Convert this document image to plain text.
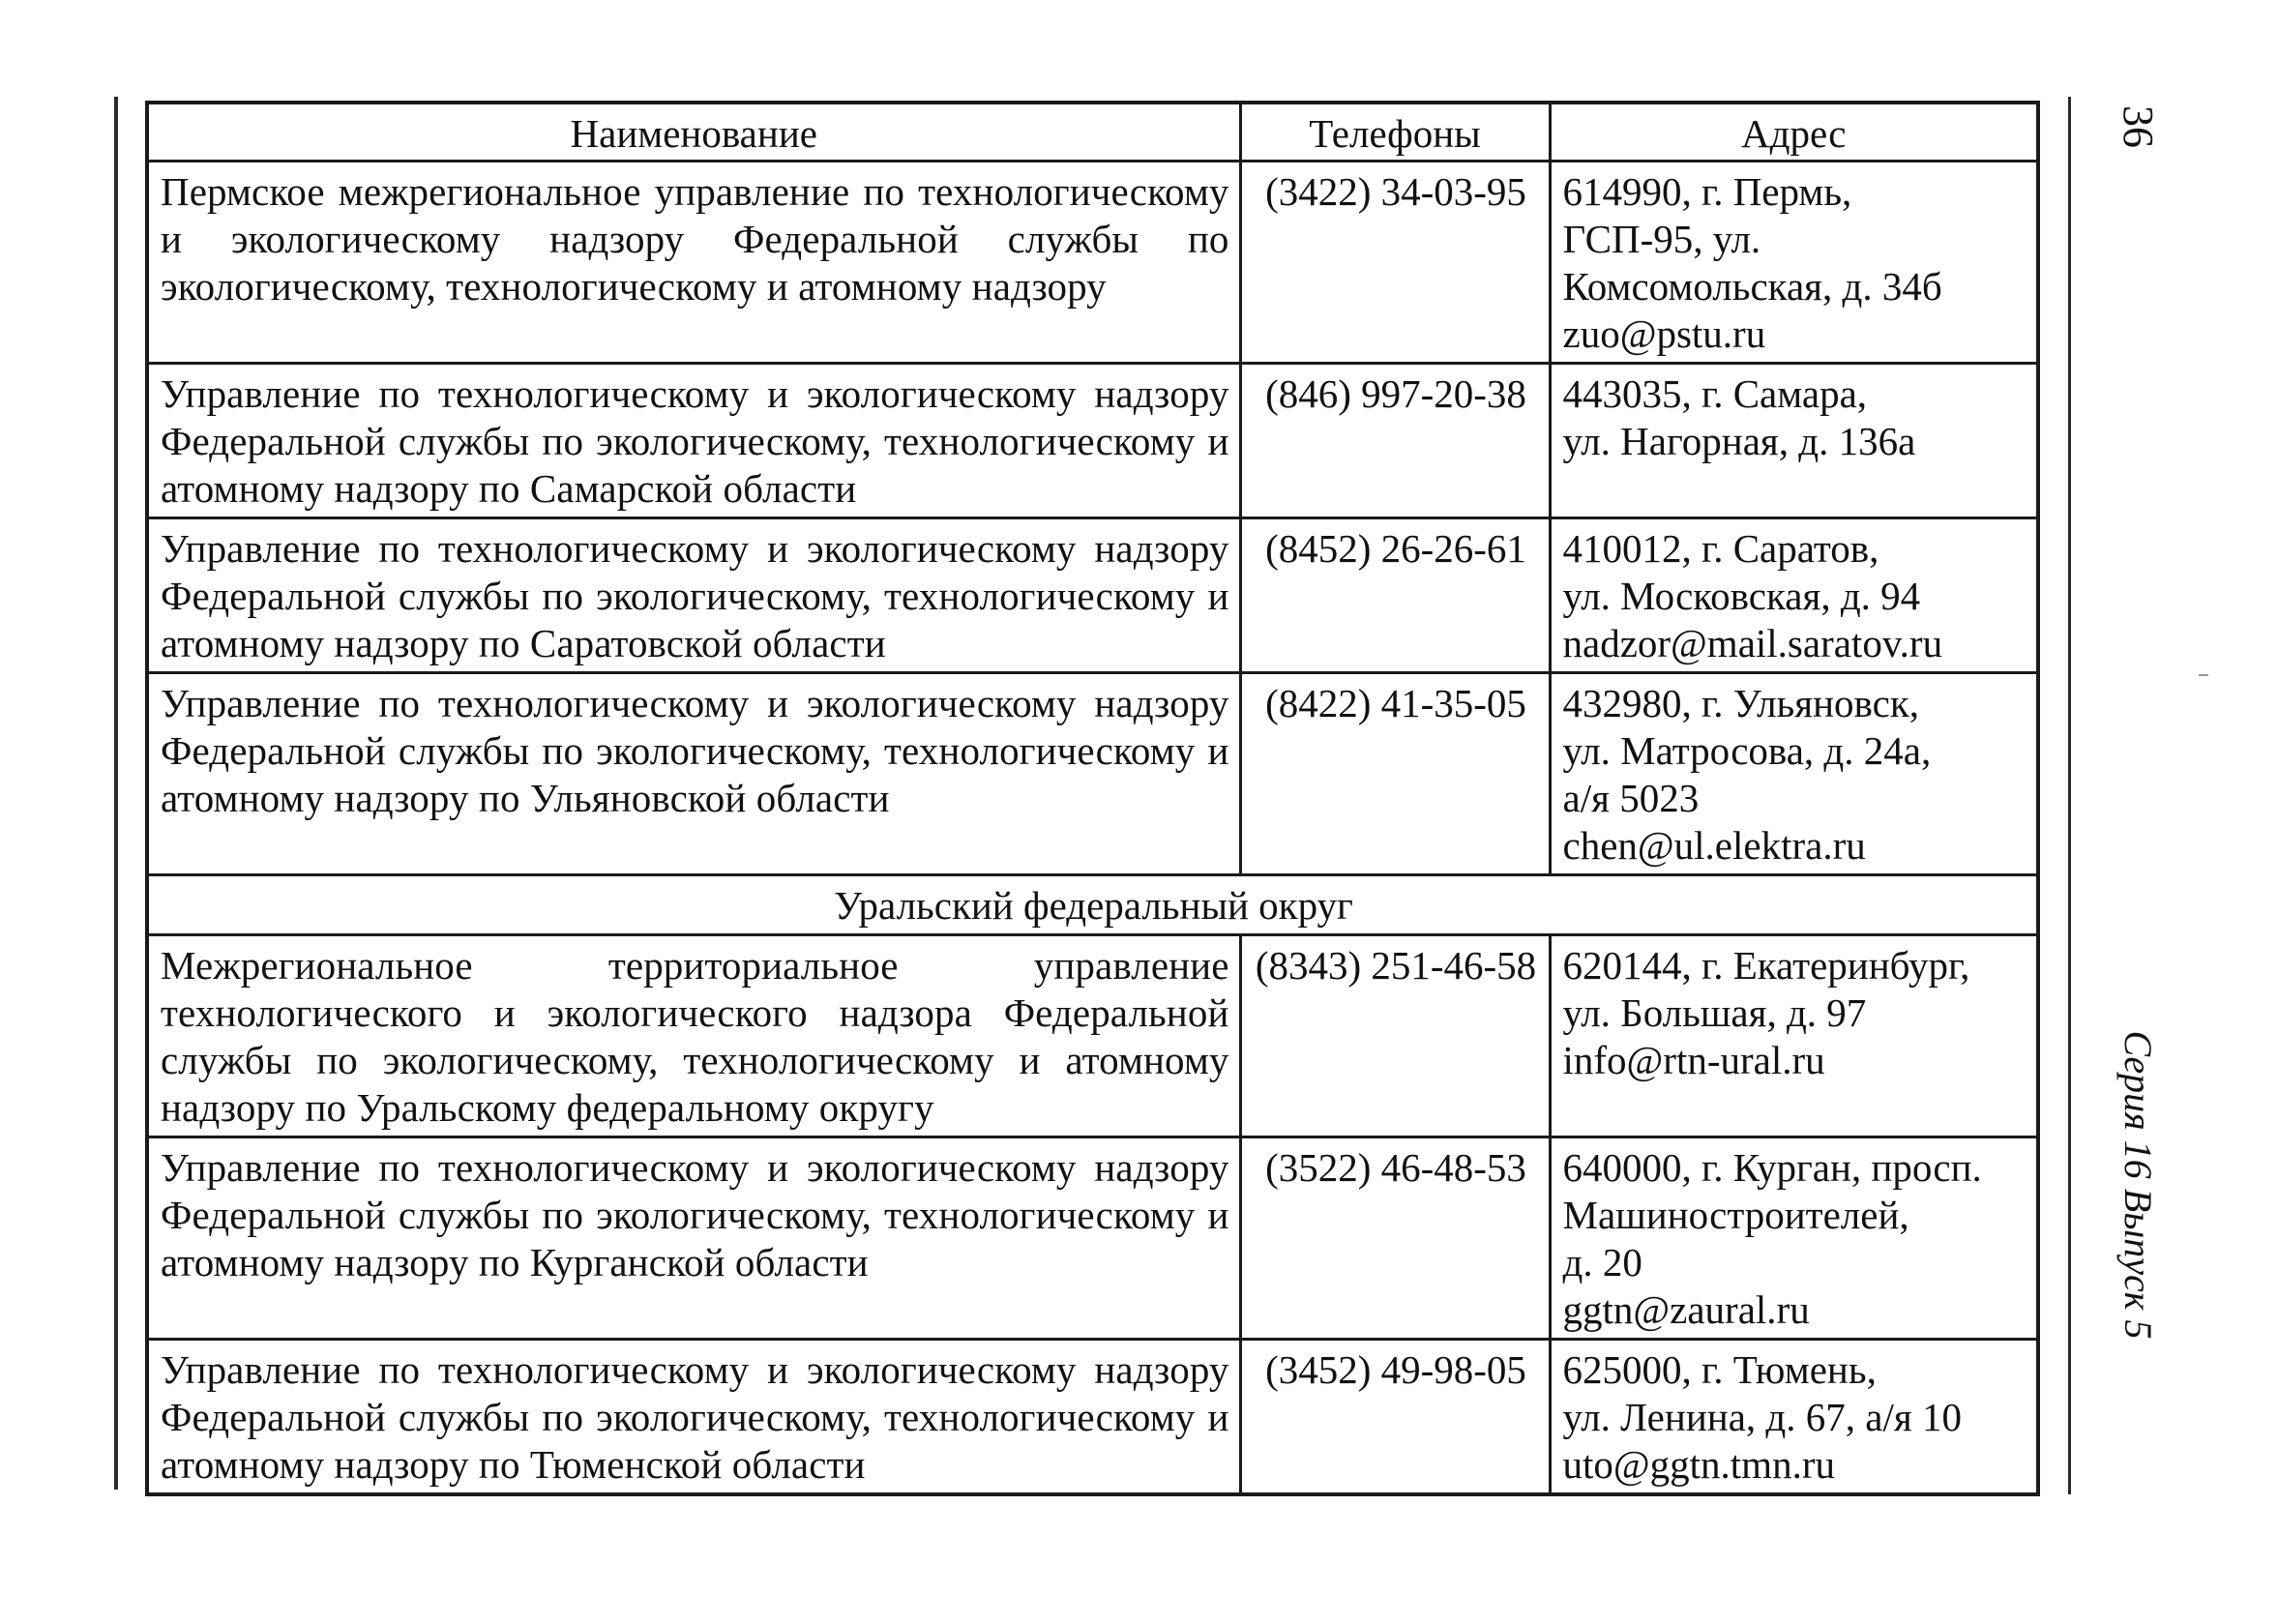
Наименование	Телефоны	Адрес
Пермское межрегиональное управление по технологическому и экологическому надзору Федеральной службы по экологическому, технологическому и атомному надзору	(3422) 34-03-95	614990, г. Пермь,
ГСП-95, ул. Комсомольская, д. 34б
zuo@pstu.ru

Управление по технологическому и экологическому надзору Федеральной службы по экологическому, технологическому и атомному надзору по Самарской области	(846) 997-20-38	443035, г. Самара,
ул. Нагорная, д. 136а

Управление по технологическому и экологическому надзору Федеральной службы по экологическому, технологическому и атомному надзору по Саратовской области	(8452) 26-26-61	410012, г. Саратов,
ул. Московская, д. 94
nadzor@mail.saratov.ru

Управление по технологическому и экологическому надзору Федеральной службы по экологическому, технологическому и атомному надзору по Ульяновской области	(8422) 41-35-05	432980, г. Ульяновск,
ул. Матросова, д. 24а,
а/я 5023
chen@ul.elektra.ru

Уральский федеральный округ		
Межрегиональное территориальное управление технологического и экологического надзора Федеральной службы по экологическому, технологическому и атомному надзору по Уральскому федеральному округу	(8343) 251-46-58	620144, г. Екатеринбург,
ул. Большая, д. 97
info@rtn-ural.ru

Управление по технологическому и экологическому надзору Федеральной службы по экологическому, технологическому и атомному надзору по Курганской области	(3522) 46-48-53	640000, г. Курган, просп.
Машиностроителей,
д. 20
ggtn@zaural.ru

Управление по технологическому и экологическому надзору Федеральной службы по экологическому, технологическому и атомному надзору по Тюменской области	(3452) 49-98-05	625000, г. Тюмень,
ул. Ленина, д. 67, а/я 10
uto@ggtn.tmn.ru
36
Серия 16 Выпуск 5
